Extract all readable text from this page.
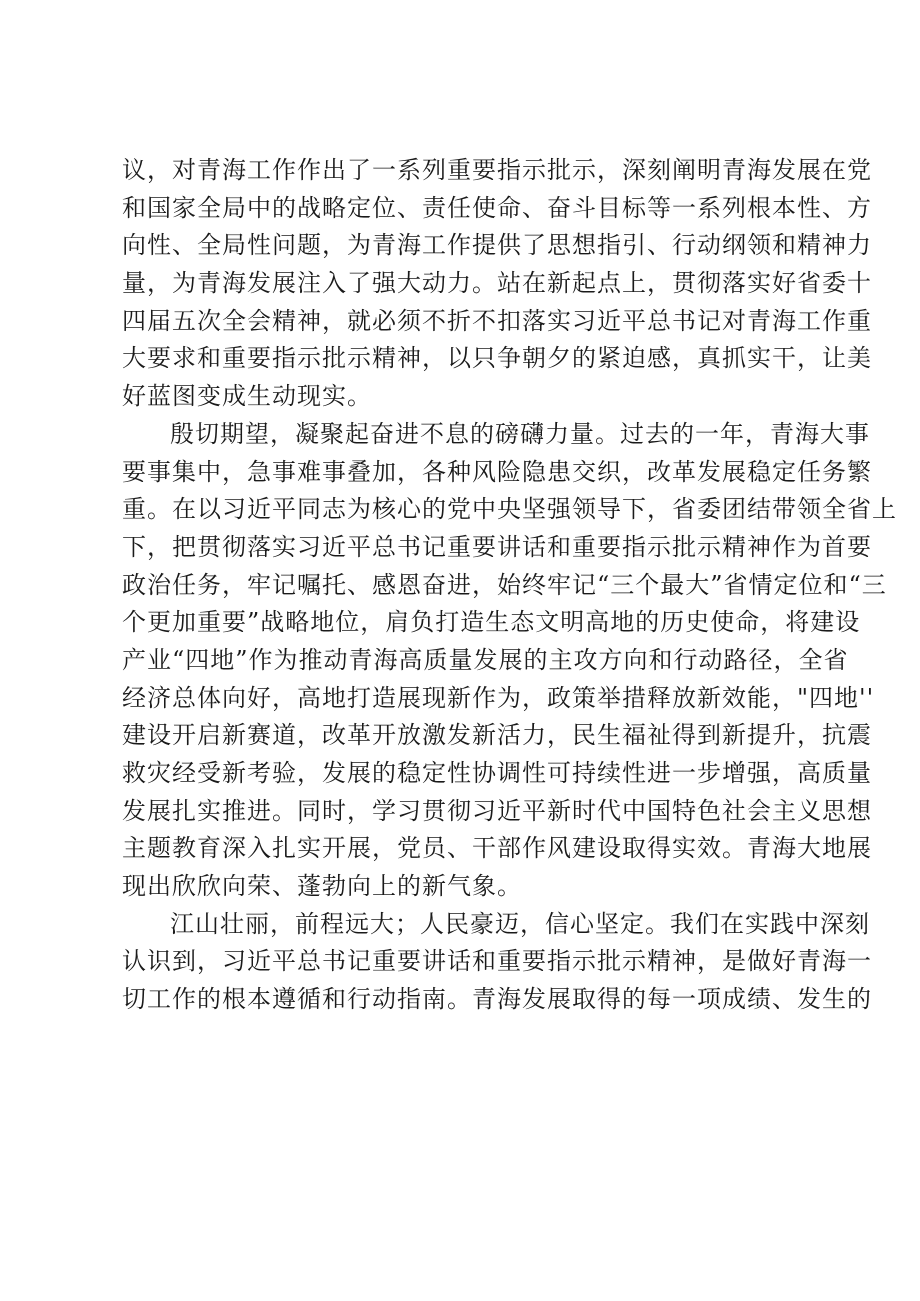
议，对青海工作作出了一系列重要指示批示，深刻阐明青海发展在党
和国家全局中的战略定位、责任使命、奋斗目标等一系列根本性、方
向性、全局性问题，为青海工作提供了思想指引、行动纲领和精神力
量，为青海发展注入了强大动力。站在新起点上，贯彻落实好省委十
四届五次全会精神，就必须不折不扣落实习近平总书记对青海工作重
大要求和重要指示批示精神，以只争朝夕的紧迫感，真抓实干，让美
好蓝图变成生动现实。
殷切期望，凝聚起奋进不息的磅礴力量。过去的一年，青海大事
要事集中，急事难事叠加，各种风险隐患交织，改革发展稳定任务繁
重。在以习近平同志为核心的党中央坚强领导下，省委团结带领全省上
下，把贯彻落实习近平总书记重要讲话和重要指示批示精神作为首要
政治任务，牢记嘱托、感恩奋进，始终牢记“三个最大”省情定位和“三
个更加重要”战略地位，肩负打造生态文明高地的历史使命，将建设
产业“四地”作为推动青海高质量发展的主攻方向和行动路径，全省
经济总体向好，高地打造展现新作为，政策举措释放新效能，"四地''
建设开启新赛道，改革开放激发新活力，民生福祉得到新提升，抗震
救灾经受新考验，发展的稳定性协调性可持续性进一步增强，高质量
发展扎实推进。同时，学习贯彻习近平新时代中国特色社会主义思想
主题教育深入扎实开展，党员、干部作风建设取得实效。青海大地展
现出欣欣向荣、蓬勃向上的新气象。
江山壮丽，前程远大；人民豪迈，信心坚定。我们在实践中深刻
认识到，习近平总书记重要讲话和重要指示批示精神，是做好青海一
切工作的根本遵循和行动指南。青海发展取得的每一项成绩、发生的
